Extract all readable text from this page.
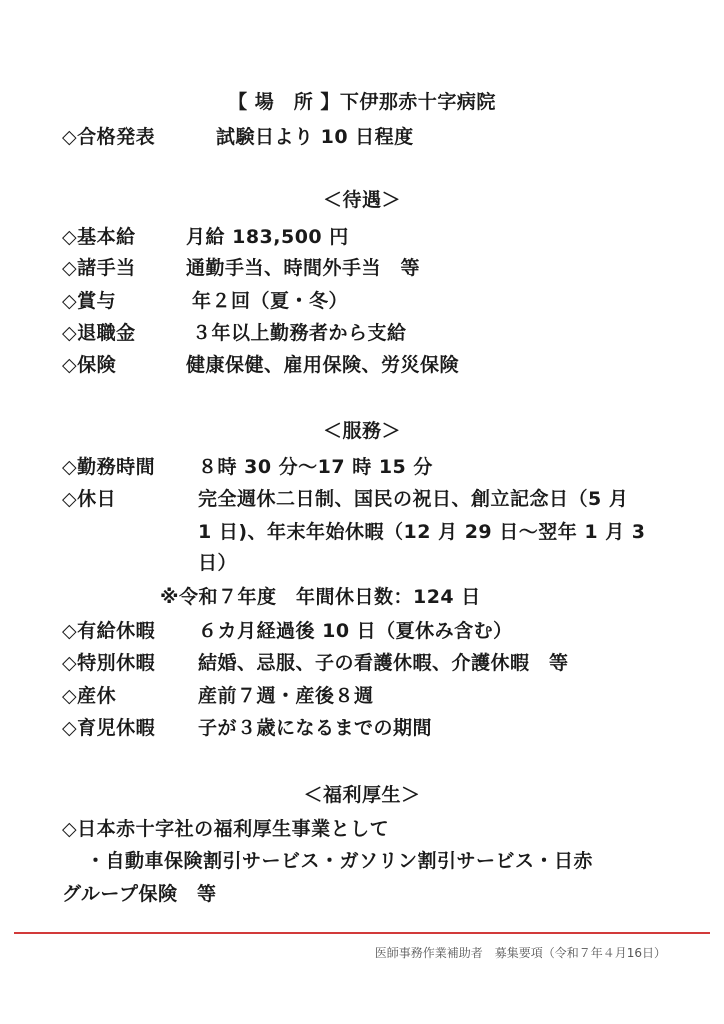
【 場　所 】下伊那赤十字病院
◇合格発表	試験日より 10 日程度
＜待遇＞
◇基本給	月給 183,500 円
◇諸手当	通勤手当、時間外手当　等
◇賞与	年２回（夏・冬）
◇退職金	３年以上勤務者から支給
◇保険	健康保健、雇用保険、労災保険
＜服務＞
◇勤務時間 ８時 30 分～17 時 15 分
◇休日	完全週休二日制、国民の祝日、創立記念日（5 月
1 日)、年末年始休暇（12 月 29 日～翌年 1 月 3
日）
※令和７年度　年間休日数：124 日
◇有給休暇 ６カ月経過後 10 日（夏休み含む）
◇特別休暇 結婚、忌服、子の看護休暇、介護休暇　等
◇産休	産前７週・産後８週
◇育児休暇 子が３歳になるまでの期間
＜福利厚生＞
◇日本赤十字社の福利厚生事業として
・自動車保険割引サービス・ガソリン割引サービス・日赤
グループ保険　等
医師事務作業補助者　募集要項（令和７年４月16日）
